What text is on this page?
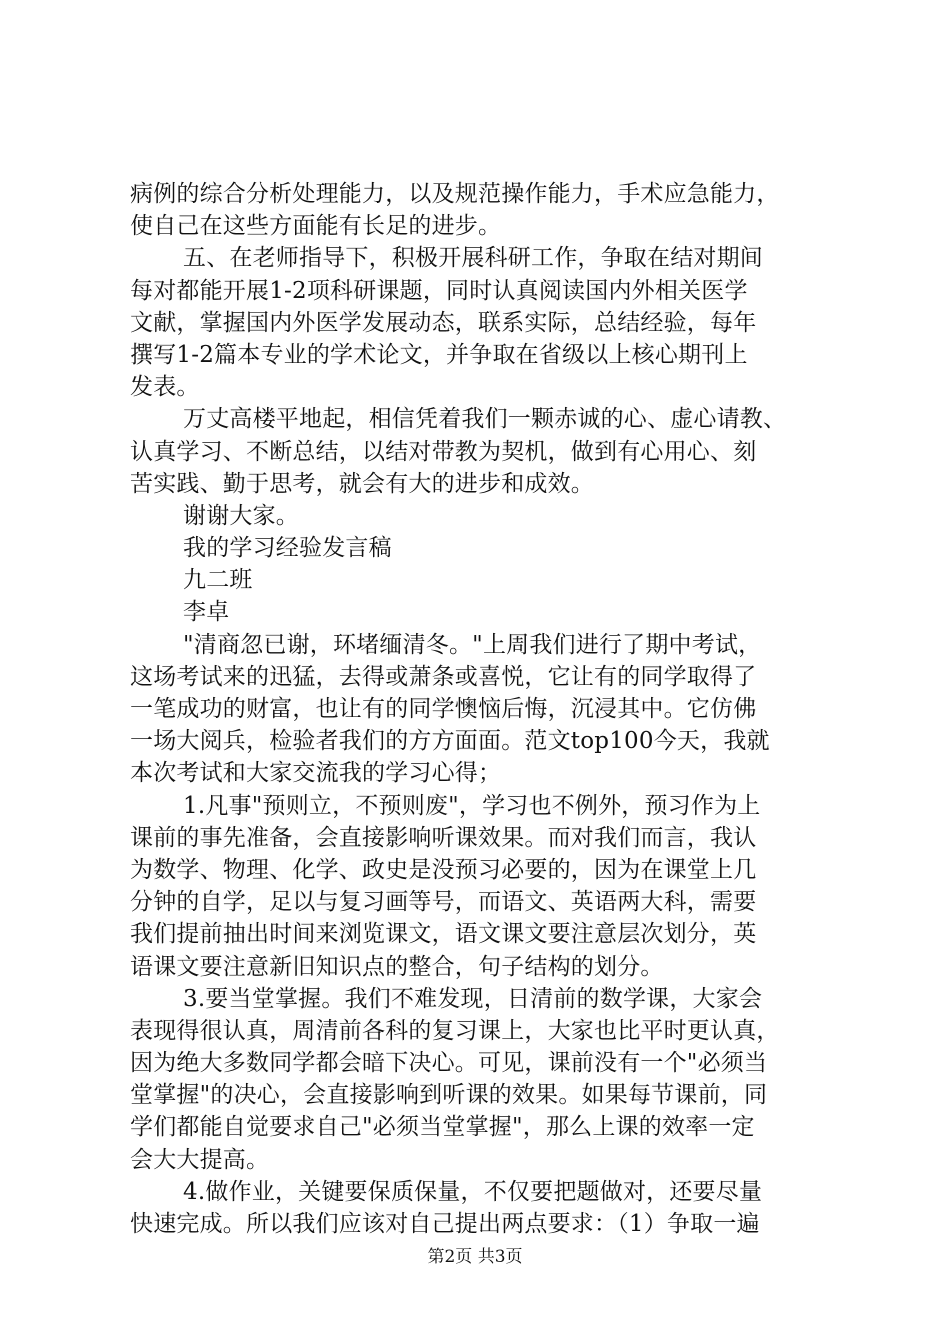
病例的综合分析处理能力，以及规范操作能力，手术应急能力，
使自己在这些方面能有长足的进步。
五、在老师指导下，积极开展科研工作，争取在结对期间
每对都能开展1-2项科研课题，同时认真阅读国内外相关医学
文献，掌握国内外医学发展动态，联系实际，总结经验，每年
撰写1-2篇本专业的学术论文，并争取在省级以上核心期刊上
发表。
万丈高楼平地起，相信凭着我们一颗赤诚的心、虚心请教、
认真学习、不断总结，以结对带教为契机，做到有心用心、刻
苦实践、勤于思考，就会有大的进步和成效。
谢谢大家。
我的学习经验发言稿
九二班
李卓
"清商忽已谢，环堵缅清冬。"上周我们进行了期中考试，
这场考试来的迅猛，去得或萧条或喜悦，它让有的同学取得了
一笔成功的财富，也让有的同学懊恼后悔，沉浸其中。它仿佛
一场大阅兵，检验者我们的方方面面。范文top100今天，我就
本次考试和大家交流我的学习心得；
1.凡事"预则立，不预则废"，学习也不例外，预习作为上
课前的事先准备，会直接影响听课效果。而对我们而言，我认
为数学、物理、化学、政史是没预习必要的，因为在课堂上几
分钟的自学，足以与复习画等号，而语文、英语两大科，需要
我们提前抽出时间来浏览课文，语文课文要注意层次划分，英
语课文要注意新旧知识点的整合，句子结构的划分。
3.要当堂掌握。我们不难发现，日清前的数学课，大家会
表现得很认真，周清前各科的复习课上，大家也比平时更认真，
因为绝大多数同学都会暗下决心。可见，课前没有一个"必须当
堂掌握"的决心，会直接影响到听课的效果。如果每节课前，同
学们都能自觉要求自己"必须当堂掌握"，那么上课的效率一定
会大大提高。
4.做作业，关键要保质保量，不仅要把题做对，还要尽量
快速完成。所以我们应该对自己提出两点要求：（1）争取一遍
第2页 共3页
